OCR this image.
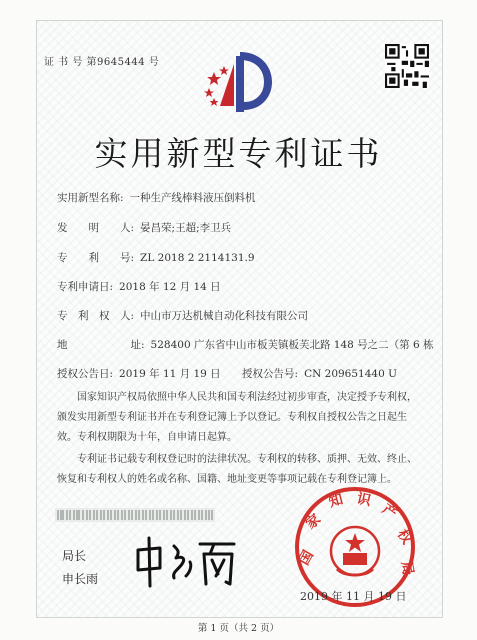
证 书 号 第9645444 号
实用新型专利证书
实用新型名称: 一种生产线棒料液压倒料机
发　　明　　人: 晏昌荣;王超;李卫兵
专　　利　　号: ZL 2018 2 2114131.9
专利申请日: 2018 年 12 月 14 日
专　利　权　人: 中山市万达机械自动化科技有限公司
地　　　　　　址: 528400 广东省中山市板芙镇板芙北路 148 号之二（第 6 栋
授权公告日: 2019 年 11 月 19 日 授权公告号: CN 209651440 U

国家知识产权局依照中华人民共和国专利法经过初步审查，决定授予专利权，颁发实用新型专利证书并在专利登记簿上予以登记。专利权自授权公告之日起生效。专利权期限为十年，自申请日起算。

专利证书记载专利权登记时的法律状况。专利权的转移、质押、无效、终止、恢复和专利权人的姓名或名称、国籍、地址变更等事项记载在专利登记簿上。

局长
申长雨
国
家
知 识
产
权
局
2019 年 11 月 19 日
第 1 页（共 2 页）
